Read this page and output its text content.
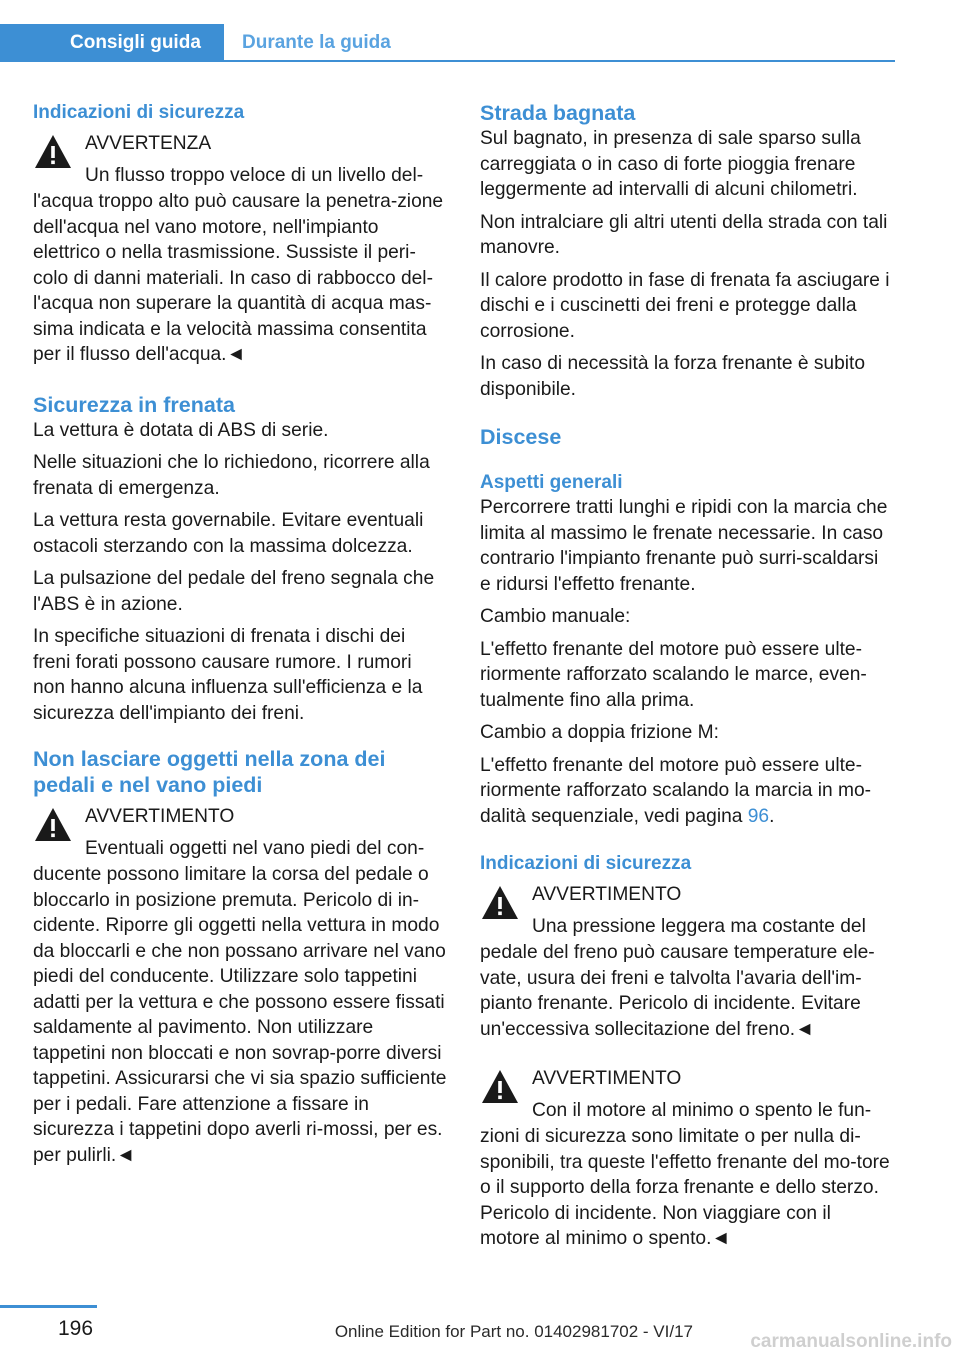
Consigli guida	Durante la guida
Indicazioni di sicurezza

AVVERTENZA

Un flusso troppo veloce di un livello del-

l'acqua troppo alto può causare la penetra-zione dell'acqua nel vano motore, nell'impianto elettrico o nella trasmissione. Sussiste il peri-colo di danni materiali. In caso di rabbocco del-l'acqua non superare la quantità di acqua mas-sima indicata e la velocità massima consentita per il flusso dell'acqua.◄

Sicurezza in frenata

La vettura è dotata di ABS di serie.

Nelle situazioni che lo richiedono, ricorrere alla frenata di emergenza.

La vettura resta governabile. Evitare eventuali ostacoli sterzando con la massima dolcezza.

La pulsazione del pedale del freno segnala che l'ABS è in azione.

In specifiche situazioni di frenata i dischi dei freni forati possono causare rumore. I rumori non hanno alcuna influenza sull'efficienza e la sicurezza dell'impianto dei freni.

Non lasciare oggetti nella zona dei pedali e nel vano piedi

AVVERTIMENTO

Eventuali oggetti nel vano piedi del con-

ducente possono limitare la corsa del pedale o bloccarlo in posizione premuta. Pericolo di in-cidente. Riporre gli oggetti nella vettura in modo da bloccarli e che non possano arrivare nel vano piedi del conducente. Utilizzare solo tappetini adatti per la vettura e che possono essere fissati saldamente al pavimento. Non utilizzare tappetini non bloccati e non sovrap-porre diversi tappetini. Assicurarsi che vi sia spazio sufficiente per i pedali. Fare attenzione a fissare in sicurezza i tappetini dopo averli ri-mossi, per es. per pulirli.◄

Strada bagnata

Sul bagnato, in presenza di sale sparso sulla carreggiata o in caso di forte pioggia frenare leggermente ad intervalli di alcuni chilometri.

Non intralciare gli altri utenti della strada con tali manovre.

Il calore prodotto in fase di frenata fa asciugare i dischi e i cuscinetti dei freni e protegge dalla corrosione.

In caso di necessità la forza frenante è subito disponibile.

Discese
Aspetti generali

Percorrere tratti lunghi e ripidi con la marcia che limita al massimo le frenate necessarie. In caso contrario l'impianto frenante può surri-scaldarsi e ridursi l'effetto frenante.

Cambio manuale:

L'effetto frenante del motore può essere ulte-riormente rafforzato scalando le marce, even-tualmente fino alla prima.

Cambio a doppia frizione M:

L'effetto frenante del motore può essere ulte-riormente rafforzato scalando la marcia in mo-dalità sequenziale, vedi pagina 96.

Indicazioni di sicurezza

AVVERTIMENTO

Una pressione leggera ma costante del

pedale del freno può causare temperature ele-vate, usura dei freni e talvolta l'avaria dell'im-pianto frenante. Pericolo di incidente. Evitare un'eccessiva sollecitazione del freno.◄

AVVERTIMENTO

Con il motore al minimo o spento le fun-

zioni di sicurezza sono limitate o per nulla di-sponibili, tra queste l'effetto frenante del mo-tore o il supporto della forza frenante e dello sterzo. Pericolo di incidente. Non viaggiare con il motore al minimo o spento.◄

196	Online Edition for Part no. 01402981702 - VI/17	carmanualsonline.info
